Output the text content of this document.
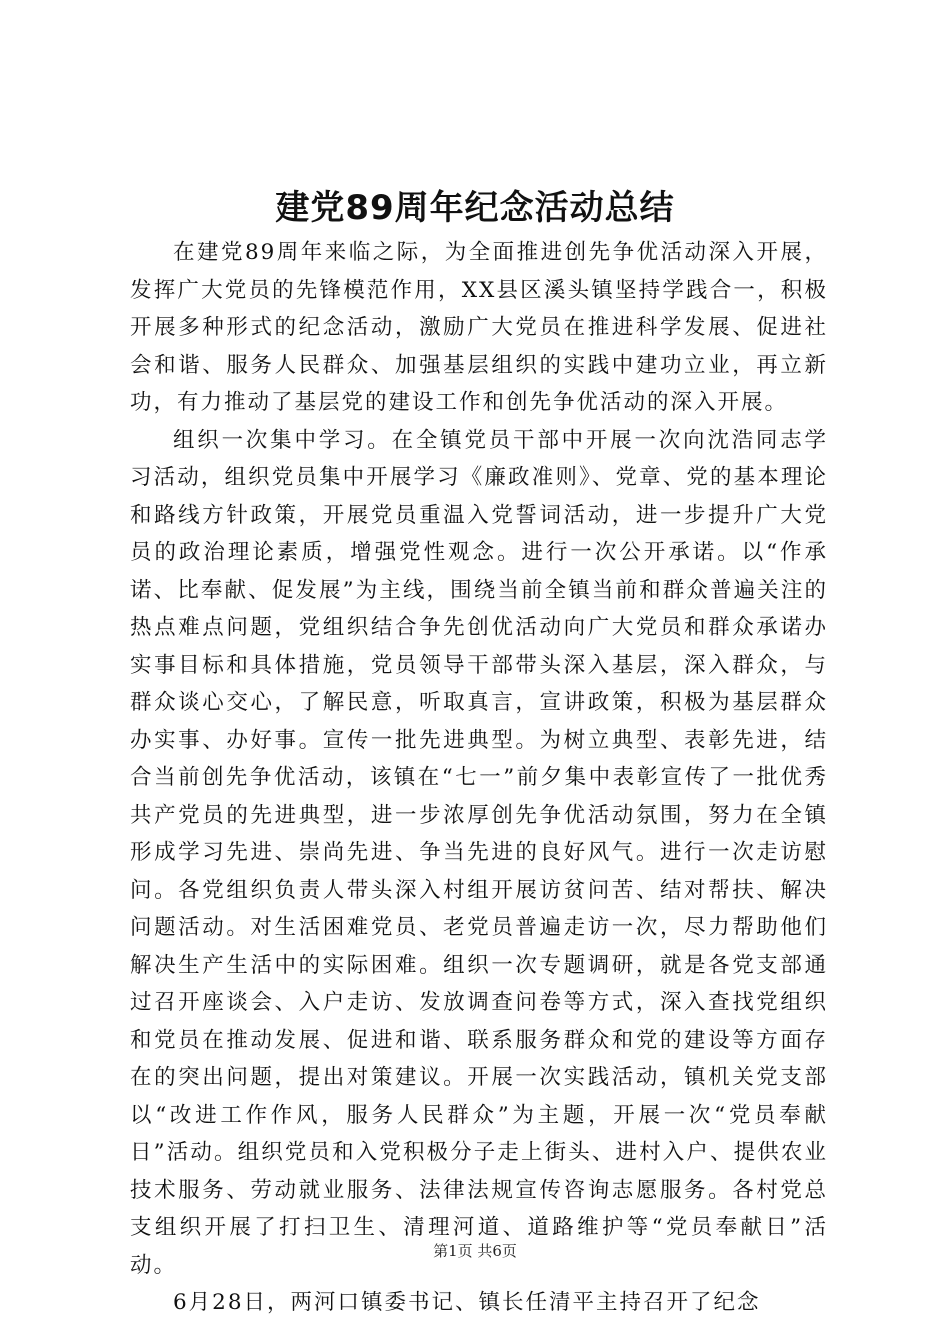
建党89周年纪念活动总结

在建党89周年来临之际，为全面推进创先争优活动深入开展，发挥广大党员的先锋模范作用，XX县区溪头镇坚持学践合一，积极开展多种形式的纪念活动，激励广大党员在推进科学发展、促进社会和谐、服务人民群众、加强基层组织的实践中建功立业，再立新功，有力推动了基层党的建设工作和创先争优活动的深入开展。

组织一次集中学习。在全镇党员干部中开展一次向沈浩同志学习活动，组织党员集中开展学习《廉政准则》、党章、党的基本理论和路线方针政策，开展党员重温入党誓词活动，进一步提升广大党员的政治理论素质，增强党性观念。进行一次公开承诺。以“作承诺、比奉献、促发展”为主线，围绕当前全镇当前和群众普遍关注的热点难点问题，党组织结合争先创优活动向广大党员和群众承诺办实事目标和具体措施，党员领导干部带头深入基层，深入群众，与群众谈心交心，了解民意，听取真言，宣讲政策，积极为基层群众办实事、办好事。宣传一批先进典型。为树立典型、表彰先进，结合当前创先争优活动，该镇在“七一”前夕集中表彰宣传了一批优秀共产党员的先进典型，进一步浓厚创先争优活动氛围，努力在全镇形成学习先进、崇尚先进、争当先进的良好风气。进行一次走访慰问。各党组织负责人带头深入村组开展访贫问苦、结对帮扶、解决问题活动。对生活困难党员、老党员普遍走访一次，尽力帮助他们解决生产生活中的实际困难。组织一次专题调研，就是各党支部通过召开座谈会、入户走访、发放调查问卷等方式，深入查找党组织和党员在推动发展、促进和谐、联系服务群众和党的建设等方面存在的突出问题，提出对策建议。开展一次实践活动，镇机关党支部以“改进工作作风，服务人民群众”为主题，开展一次“党员奉献日”活动。组织党员和入党积极分子走上街头、进村入户、提供农业技术服务、劳动就业服务、法律法规宣传咨询志愿服务。各村党总支组织开展了打扫卫生、清理河道、道路维护等“党员奉献日”活动。

6月28日，两河口镇委书记、镇长任清平主持召开了纪念

第1页 共6页
